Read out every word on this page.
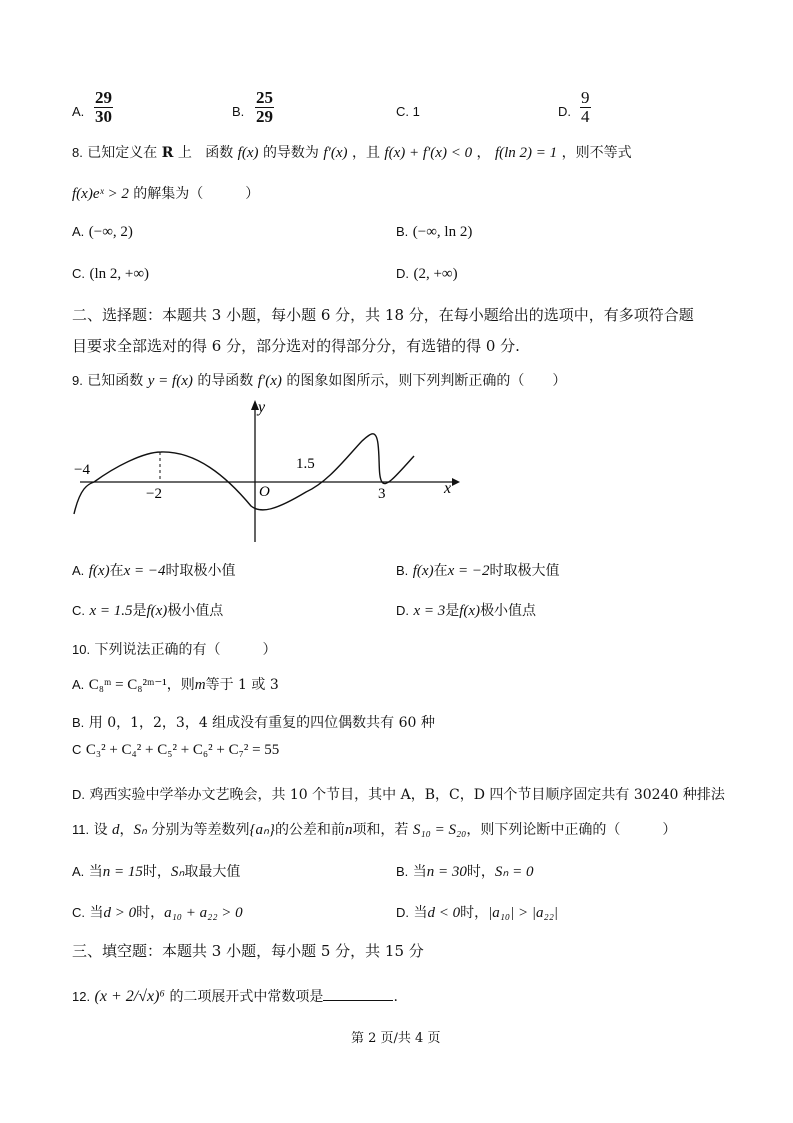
A. $\frac{29}{30}$	B. $\frac{25}{29}$	C. 1	D. $\frac{9}{4}$
8. 已知定义在 R 上 函数 f(x) 的导数为 f′(x) ，且 f(x) + f′(x) < 0 ， f(ln 2) = 1 ，则不等式
f(x)eˣ > 2 的解集为（　　　）
A. (−∞, 2)	B. (−∞, ln 2)
C. (ln 2, +∞)	D. (2, +∞)
二、选择题：本题共 3 小题，每小题 6 分，共 18 分，在每小题给出的选项中，有多项符合题
目要求全部选对的得 6 分，部分选对的得部分分，有选错的得 0 分.
9. 已知函数 y = f(x) 的导函数 f′(x) 的图象如图所示，则下列判断正确的（　　）
y
x
O
−4
−2
1.5
3
A. f(x)在x = −4时取极小值	B. f(x)在x = −2时取极大值
C. x = 1.5是f(x)极小值点	D. x = 3是f(x)极小值点
10. 下列说法正确的有（　　　）
A. C₈ᵐ = C₈²ᵐ⁻¹，则m等于 1 或 3
B. 用 0，1，2，3，4 组成没有重复的四位偶数共有 60 种
C C₃² + C₄² + C₅² + C₆² + C₇² = 55
D. 鸡西实验中学举办文艺晚会，共 10 个节目，其中 A，B，C，D 四个节目顺序固定共有 30240 种排法
11. 设 d，Sₙ 分别为等差数列{aₙ}的公差和前n项和，若 S₁₀ = S₂₀，则下列论断中正确的（　　　）
A. 当n = 15时，Sₙ取最大值	B. 当n = 30时，Sₙ = 0
C. 当d > 0时，a₁₀ + a₂₂ > 0	D. 当d < 0时，|a₁₀| > |a₂₂|
三、填空题：本题共 3 小题，每小题 5 分，共 15 分
12. (x + 2/√x)⁶ 的二项展开式中常数项是	.
第 2 页/共 4 页
